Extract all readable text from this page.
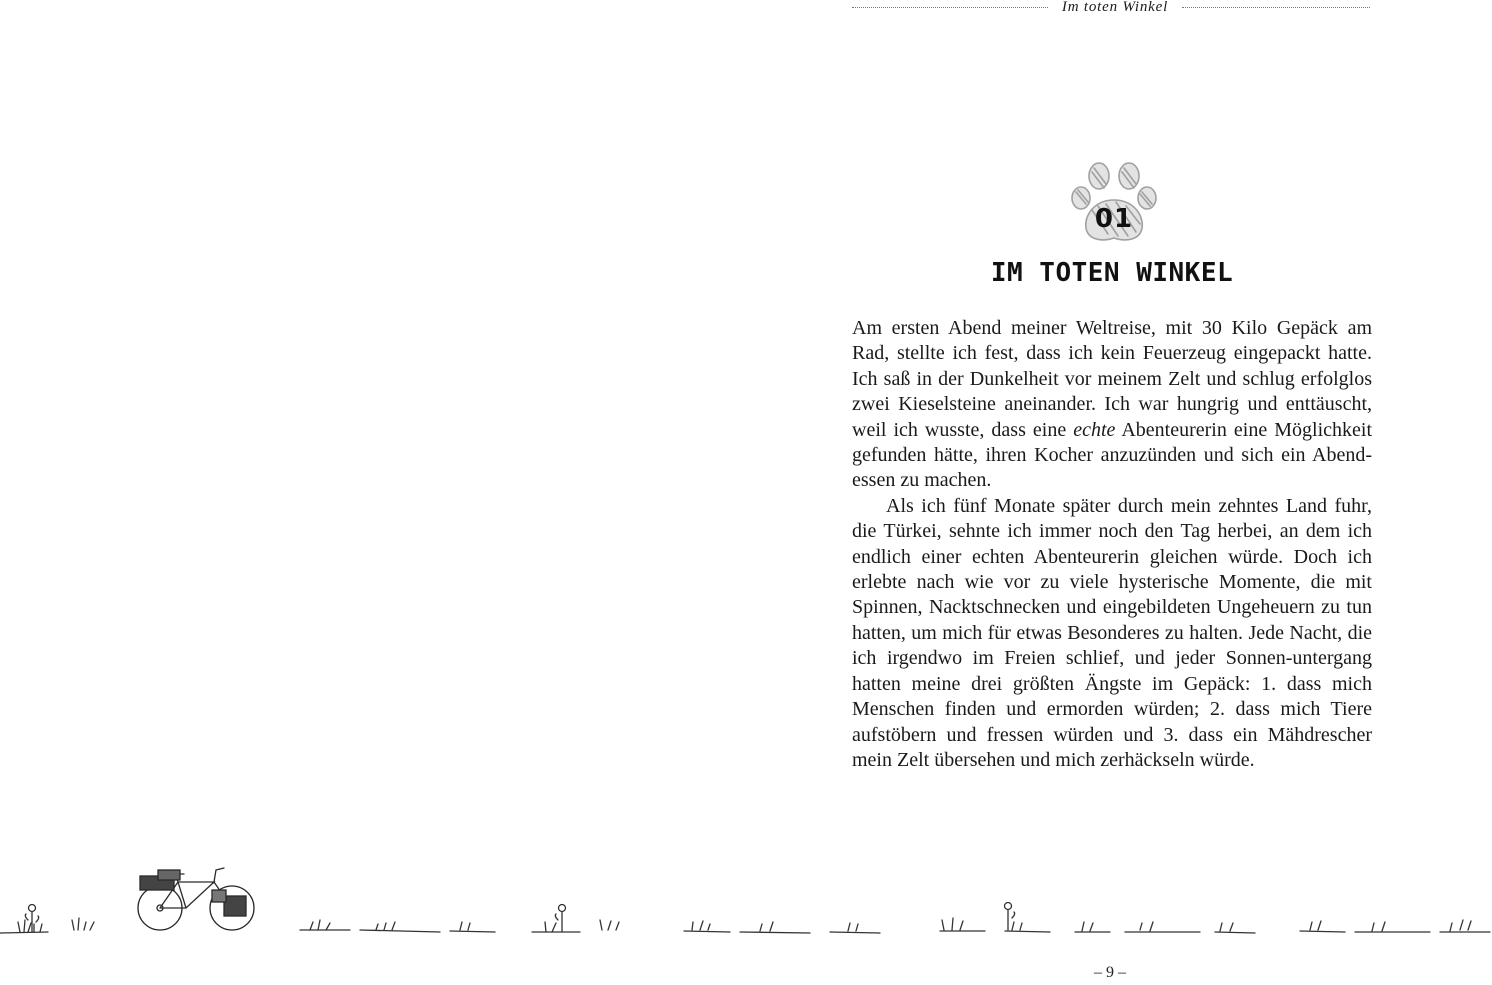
Im toten Winkel
01
IM TOTEN WINKEL

Am ersten Abend meiner Weltreise, mit 30 Kilo Gepäck am Rad, stellte ich fest, dass ich kein Feuerzeug eingepackt hatte. Ich saß in der Dunkelheit vor meinem Zelt und schlug erfolglos zwei Kieselsteine aneinander. Ich war hungrig und enttäuscht, weil ich wusste, dass eine echte Abenteurerin eine Möglichkeit gefunden hätte, ihren Kocher anzuzünden und sich ein Abend-essen zu machen.

Als ich fünf Monate später durch mein zehntes Land fuhr, die Türkei, sehnte ich immer noch den Tag herbei, an dem ich endlich einer echten Abenteurerin gleichen würde. Doch ich erlebte nach wie vor zu viele hysterische Momente, die mit Spinnen, Nacktschnecken und eingebildeten Ungeheuern zu tun hatten, um mich für etwas Besonderes zu halten. Jede Nacht, die ich irgendwo im Freien schlief, und jeder Sonnen-untergang hatten meine drei größten Ängste im Gepäck: 1. dass mich Menschen finden und ermorden würden; 2. dass mich Tiere aufstöbern und fressen würden und 3. dass ein Mähdrescher mein Zelt übersehen und mich zerhäckseln würde.

– 9 –
